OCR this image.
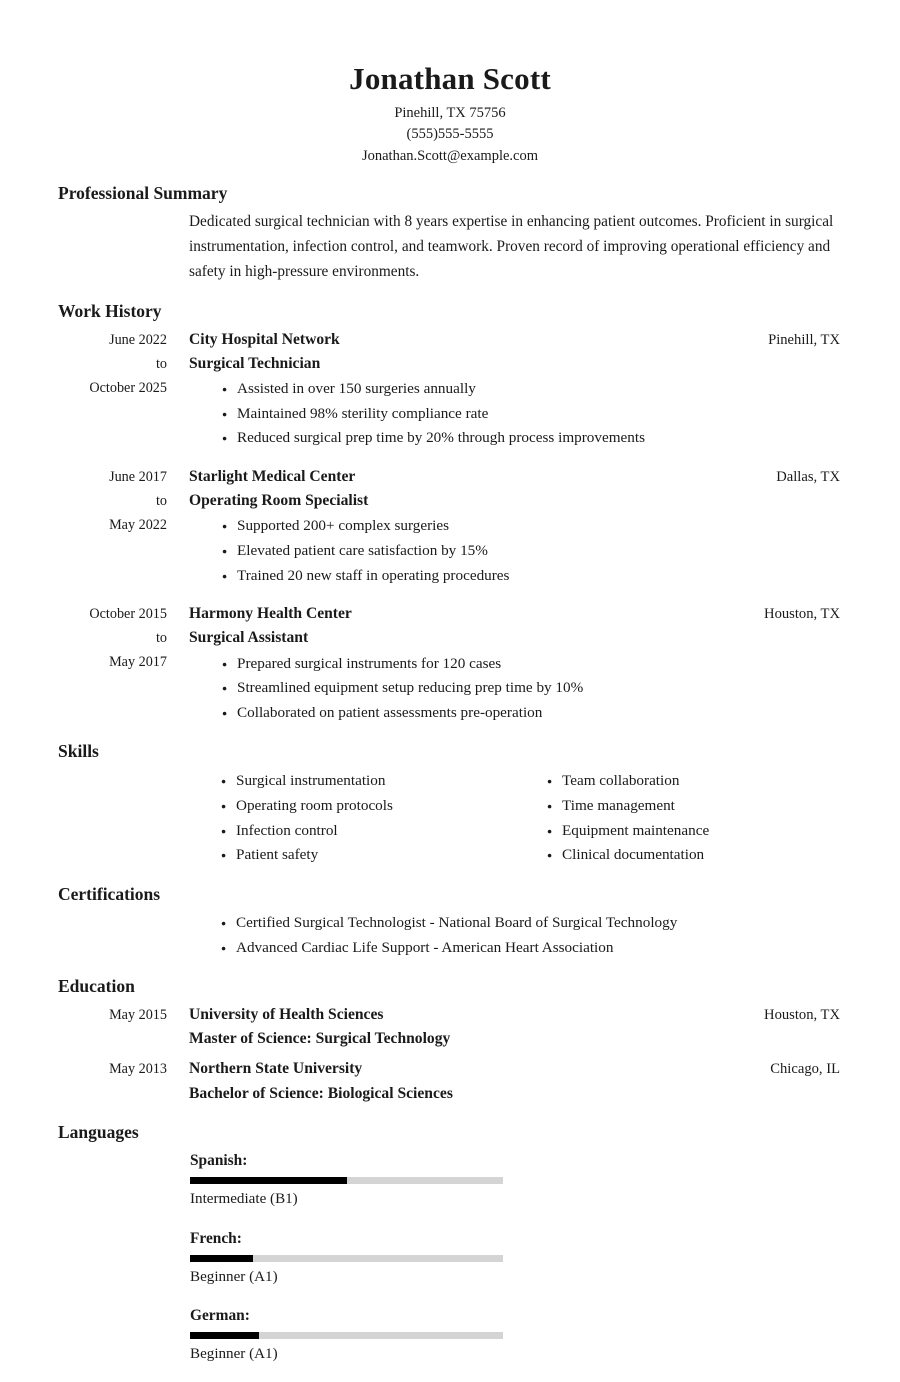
Jonathan Scott

Pinehill, TX 75756

(555)555-5555

Jonathan.Scott@example.com

Professional Summary

Dedicated surgical technician with 8 years expertise in enhancing patient outcomes. Proficient in surgical instrumentation, infection control, and teamwork. Proven record of improving operational efficiency and safety in high-pressure environments.

Work History
June 2022
to
October 2025
City Hospital Network	Pinehill, TX
Surgical Technician
● Assisted in over 150 surgeries annually
● Maintained 98% sterility compliance rate
● Reduced surgical prep time by 20% through process improvements
June 2017
to
May 2022
Starlight Medical Center	Dallas, TX
Operating Room Specialist
● Supported 200+ complex surgeries
● Elevated patient care satisfaction by 15%
● Trained 20 new staff in operating procedures
October 2015
to
May 2017
Harmony Health Center	Houston, TX
Surgical Assistant
● Prepared surgical instruments for 120 cases
● Streamlined equipment setup reducing prep time by 10%
● Collaborated on patient assessments pre-operation
Skills
● Surgical instrumentation
● Operating room protocols
● Infection control
● Patient safety
● Team collaboration
● Time management
● Equipment maintenance
● Clinical documentation
Certifications
● Certified Surgical Technologist - National Board of Surgical Technology
● Advanced Cardiac Life Support - American Heart Association
Education
May 2015 University of Health Sciences	Houston, TX
Master of Science: Surgical Technology
May 2013 Northern State University	Chicago, IL
Bachelor of Science: Biological Sciences
Languages
Spanish:
Intermediate (B1)
French:
Beginner (A1)
German:
Beginner (A1)
